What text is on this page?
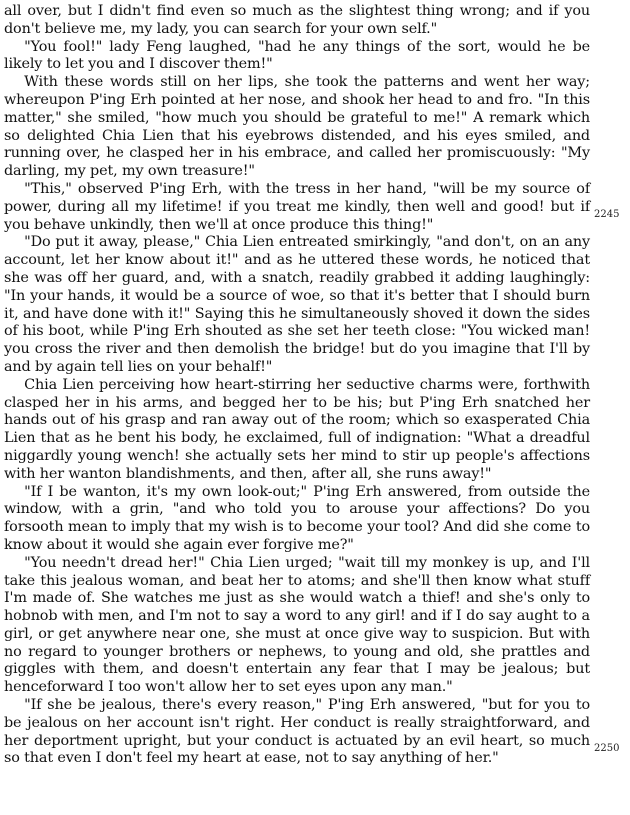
all over, but I didn't find even so much as the slightest thing wrong; and if you don't believe me, my lady, you can search for your own self."

"You fool!" lady Feng laughed, "had he any things of the sort, would he be likely to let you and I discover them!"

With these words still on her lips, she took the patterns and went her way; whereupon P'ing Erh pointed at her nose, and shook her head to and fro. "In this matter," she smiled, "how much you should be grateful to me!" A remark which so delighted Chia Lien that his eyebrows distended, and his eyes smiled, and running over, he clasped her in his embrace, and called her promiscuously: "My darling, my pet, my own treasure!"

"This," observed P'ing Erh, with the tress in her hand, "will be my source of power, during all my lifetime! if you treat me kindly, then well and good! but if you behave unkindly, then we'll at once produce this thing!"

"Do put it away, please," Chia Lien entreated smirkingly, "and don't, on an any account, let her know about it!" and as he uttered these words, he noticed that she was off her guard, and, with a snatch, readily grabbed it adding laughingly: "In your hands, it would be a source of woe, so that it's better that I should burn it, and have done with it!" Saying this he simultaneously shoved it down the sides of his boot, while P'ing Erh shouted as she set her teeth close: "You wicked man! you cross the river and then demolish the bridge! but do you imagine that I'll by and by again tell lies on your behalf!"

Chia Lien perceiving how heart-stirring her seductive charms were, forthwith clasped her in his arms, and begged her to be his; but P'ing Erh snatched her hands out of his grasp and ran away out of the room; which so exasperated Chia Lien that as he bent his body, he exclaimed, full of indignation: "What a dreadful niggardly young wench! she actually sets her mind to stir up people's affections with her wanton blandishments, and then, after all, she runs away!"

"If I be wanton, it's my own look-out;" P'ing Erh answered, from outside the window, with a grin, "and who told you to arouse your affections? Do you forsooth mean to imply that my wish is to become your tool? And did she come to know about it would she again ever forgive me?"

"You needn't dread her!" Chia Lien urged; "wait till my monkey is up, and I'll take this jealous woman, and beat her to atoms; and she'll then know what stuff I'm made of. She watches me just as she would watch a thief! and she's only to hobnob with men, and I'm not to say a word to any girl! and if I do say aught to a girl, or get anywhere near one, she must at once give way to suspicion. But with no regard to younger brothers or nephews, to young and old, she prattles and giggles with them, and doesn't entertain any fear that I may be jealous; but henceforward I too won't allow her to set eyes upon any man."

"If she be jealous, there's every reason," P'ing Erh answered, "but for you to be jealous on her account isn't right. Her conduct is really straightforward, and her deportment upright, but your conduct is actuated by an evil heart, so much so that even I don't feel my heart at ease, not to say anything of her."

2245
2250
